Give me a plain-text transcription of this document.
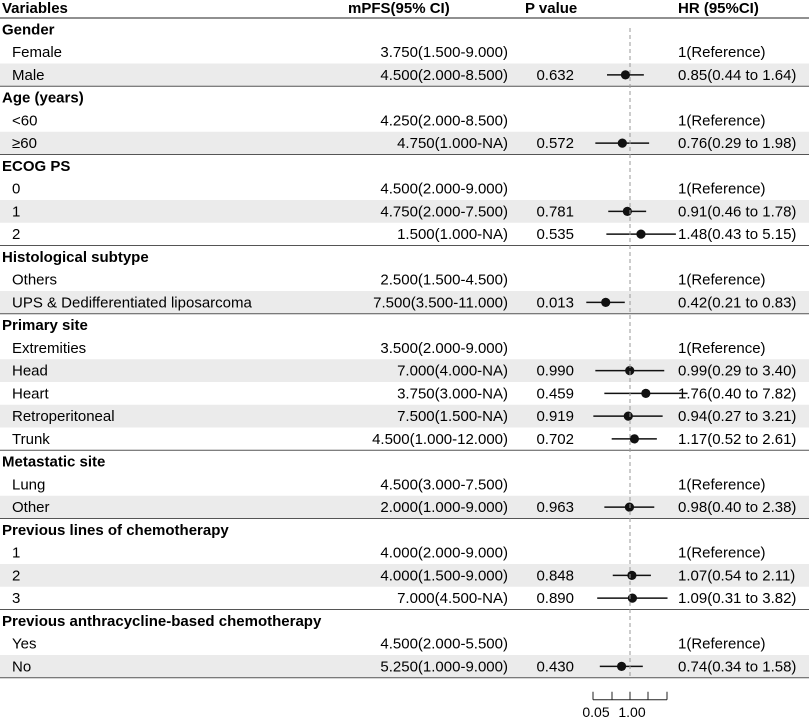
Variables	mPFS(95% CI)	P value	HR (95%CI)
Gender
Female	3.750(1.500-9.000)	1(Reference)
Male	4.500(2.000-8.500) 0.632	0.85(0.44 to 1.64)
Age (years)
<60	4.250(2.000-8.500)	1(Reference)
≥60	4.750(1.000-NA) 0.572	0.76(0.29 to 1.98)
ECOG PS
0	4.500(2.000-9.000)	1(Reference)
1	4.750(2.000-7.500) 0.781	0.91(0.46 to 1.78)
2	1.500(1.000-NA) 0.535	1.48(0.43 to 5.15)
Histological subtype
Others	2.500(1.500-4.500)	1(Reference)
UPS & Dedifferentiated liposarcoma	7.500(3.500-11.000) 0.013	0.42(0.21 to 0.83)
Primary site
Extremities	3.500(2.000-9.000)	1(Reference)
Head	7.000(4.000-NA) 0.990	0.99(0.29 to 3.40)
Heart	3.750(3.000-NA) 0.459	1.76(0.40 to 7.82)
Retroperitoneal	7.500(1.500-NA) 0.919	0.94(0.27 to 3.21)
Trunk	4.500(1.000-12.000) 0.702	1.17(0.52 to 2.61)
Metastatic site
Lung	4.500(3.000-7.500)	1(Reference)
Other	2.000(1.000-9.000) 0.963	0.98(0.40 to 2.38)
Previous lines of chemotherapy
1	4.000(2.000-9.000)	1(Reference)
2	4.000(1.500-9.000) 0.848	1.07(0.54 to 2.11)
3	7.000(4.500-NA) 0.890	1.09(0.31 to 3.82)
Previous anthracycline-based chemotherapy
Yes	4.500(2.000-5.500)	1(Reference)
No	5.250(1.000-9.000) 0.430	0.74(0.34 to 1.58)
0.05 1.00
